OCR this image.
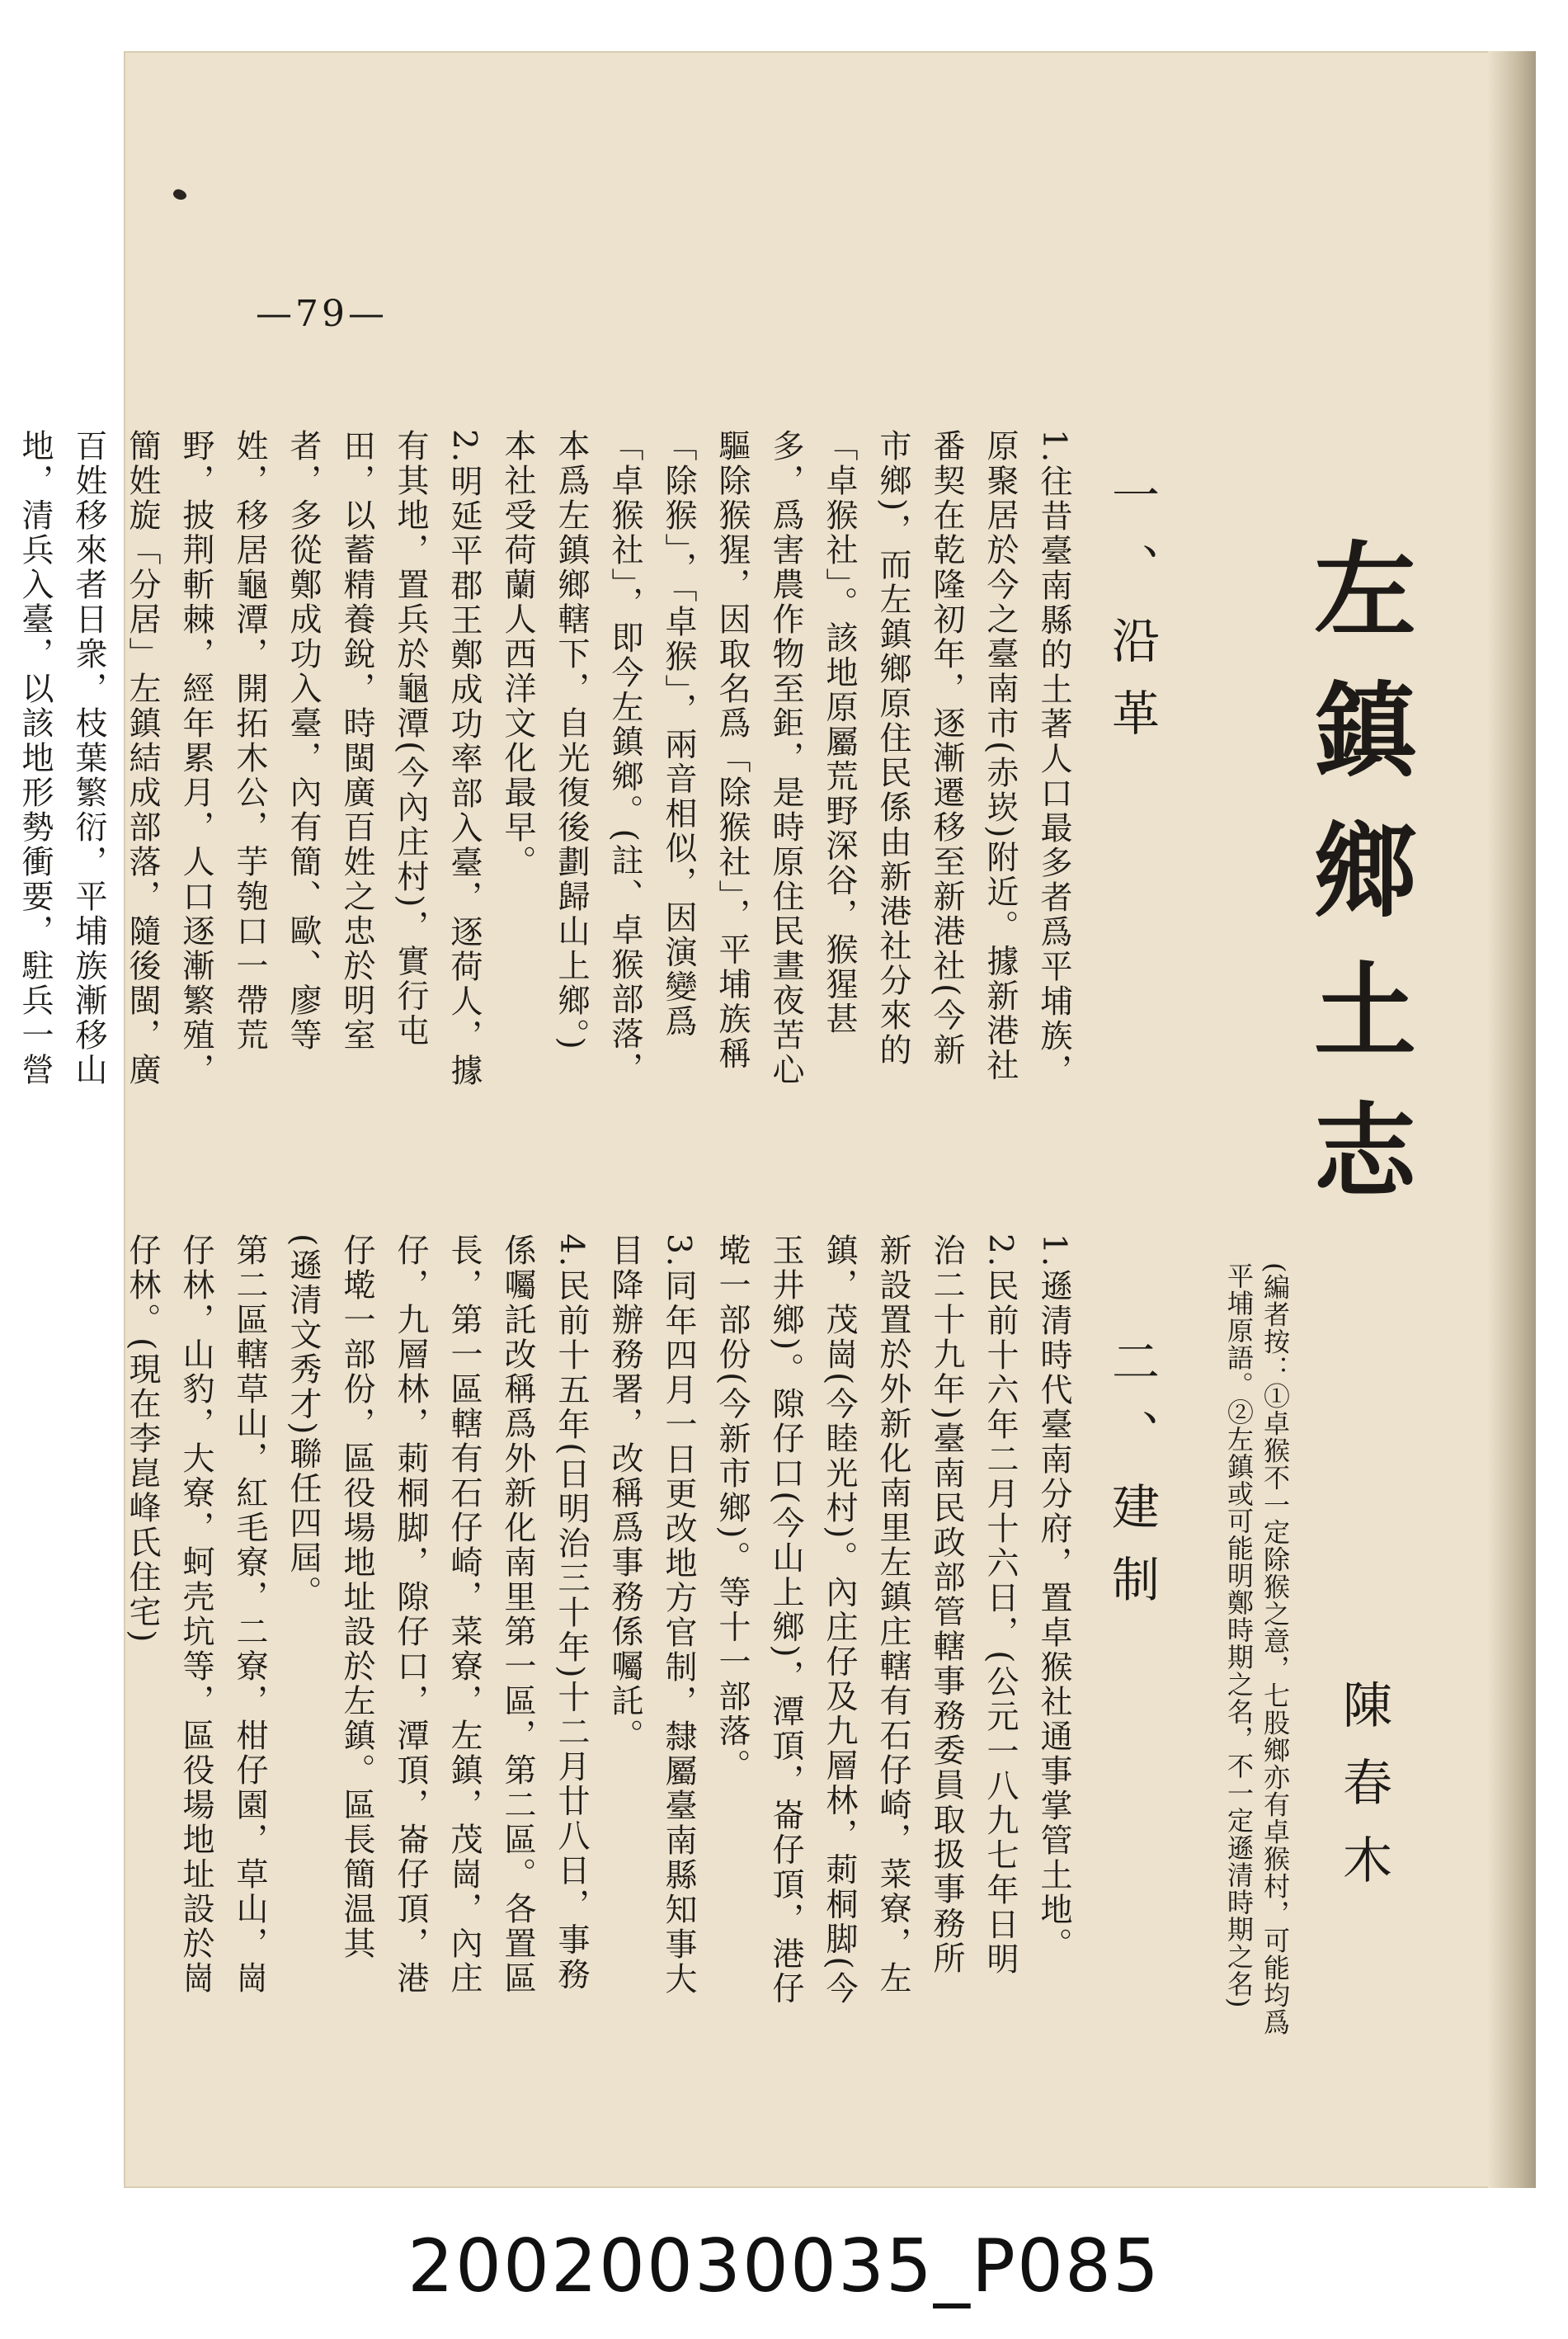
—79—
左鎮鄉土志
陳春木
(編者按：①卓猴不一定除猴之意，七股鄉亦有卓猴村，可能均爲平埔原語。②左鎮或可能明鄭時期之名，不一定遜清時期之名)
一、沿革
二、建制
1.往昔臺南縣的土著人口最多者爲平埔族，原聚居於今之臺南市(赤崁)附近。據新港社番契在乾隆初年，逐漸遷移至新港社(今新市鄉)，而左鎮鄉原住民係由新港社分來的「卓猴社」。該地原屬荒野深谷，猴猩甚多，爲害農作物至鉅，是時原住民晝夜苦心驅除猴猩，因取名爲「除猴社」，平埔族稱「除猴」，「卓猴」，兩音相似，因演變爲「卓猴社」，即今左鎮鄉。(註、卓猴部落，本爲左鎮鄉轄下，自光復後劃歸山上鄉。)
本社受荷蘭人西洋文化最早。
2.明延平郡王鄭成功率部入臺，逐荷人，據有其地，置兵於龜潭(今內庄村)，實行屯田，以蓄精養銳，時閩廣百姓之忠於明室者，多從鄭成功入臺，內有簡、歐、廖等姓，移居龜潭，開拓木公，芋匏口一帶荒野，披荆斬棘，經年累月，人口逐漸繁殖，簡姓旋「分居」左鎮結成部落，隨後閩，廣百姓移來者日衆，枝葉繁衍，平埔族漸移山地，清兵入臺，以該地形勢衝要，駐兵一營
1.遜清時代臺南分府，置卓猴社通事掌管土地。
2.民前十六年二月十六日，(公元一八九七年日明治二十九年)臺南民政部管轄事務委員取扱事務所新設置於外新化南里左鎮庄轄有石仔崎，菜寮，左鎮，茂崗(今睦光村)。內庄仔及九層林，莿桐脚(今玉井鄉)。隙仔口(今山上鄉)，潭頂，崙仔頂，港仔墘一部份(今新市鄉)。等十一部落。
3.同年四月一日更改地方官制，隸屬臺南縣知事大目降辦務署，改稱爲事務係囑託。
4.民前十五年(日明治三十年)十二月廿八日，事務係囑託改稱爲外新化南里第一區，第二區。各置區長，第一區轄有石仔崎，菜寮，左鎮，茂崗，內庄仔，九層林，莿桐脚，隙仔口，潭頂，崙仔頂，港仔墘一部份，區役場地址設於左鎮。區長簡温其(遜清文秀才)聯任四屆。
第二區轄草山，紅毛寮，二寮，柑仔園，草山，崗仔林，山豹，大寮，蚵壳坑等，區役場地址設於崗仔林。(現在李崑峰氏住宅)
20020030035_P085
